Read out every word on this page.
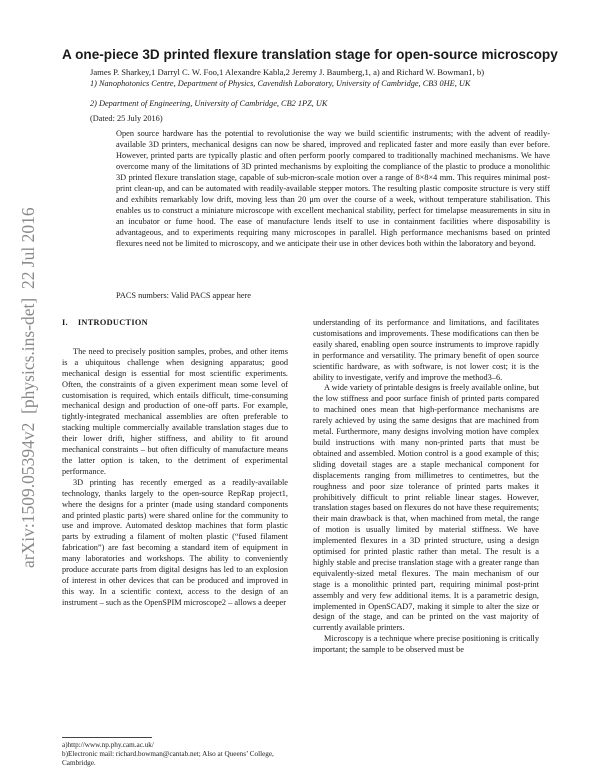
arXiv:1509.05394v2  [physics.ins-det]  22 Jul 2016
A one-piece 3D printed flexure translation stage for open-source microscopy
James P. Sharkey,1 Darryl C. W. Foo,1 Alexandre Kabla,2 Jeremy J. Baumberg,1, a) and Richard W. Bowman1, b)
1) Nanophotonics Centre, Department of Physics, Cavendish Laboratory, University of Cambridge, CB3 0HE, UK
2) Department of Engineering, University of Cambridge, CB2 1PZ, UK
(Dated: 25 July 2016)
Open source hardware has the potential to revolutionise the way we build scientific instruments; with the advent of readily-available 3D printers, mechanical designs can now be shared, improved and replicated faster and more easily than ever before. However, printed parts are typically plastic and often perform poorly compared to traditionally machined mechanisms. We have overcome many of the limitations of 3D printed mechanisms by exploiting the compliance of the plastic to produce a monolithic 3D printed flexure translation stage, capable of sub-micron-scale motion over a range of 8×8×4 mm. This requires minimal post-print clean-up, and can be automated with readily-available stepper motors. The resulting plastic composite structure is very stiff and exhibits remarkably low drift, moving less than 20 μm over the course of a week, without temperature stabilisation. This enables us to construct a miniature microscope with excellent mechanical stability, perfect for timelapse measurements in situ in an incubator or fume hood. The ease of manufacture lends itself to use in containment facilities where disposability is advantageous, and to experiments requiring many microscopes in parallel. High performance mechanisms based on printed flexures need not be limited to microscopy, and we anticipate their use in other devices both within the laboratory and beyond.
PACS numbers: Valid PACS appear here
I. INTRODUCTION

The need to precisely position samples, probes, and other items is a ubiquitous challenge when designing apparatus; good mechanical design is essential for most scientific experiments. Often, the constraints of a given experiment mean some level of customisation is required, which entails difficult, time-consuming mechanical design and production of one-off parts. For example, tightly-integrated mechanical assemblies are often preferable to stacking multiple commercially available translation stages due to their lower drift, higher stiffness, and ability to fit around mechanical constraints – but often difficulty of manufacture means the latter option is taken, to the detriment of experimental performance.

3D printing has recently emerged as a readily-available technology, thanks largely to the open-source RepRap project1, where the designs for a printer (made using standard components and printed plastic parts) were shared online for the community to use and improve. Automated desktop machines that form plastic parts by extruding a filament of molten plastic (“fused filament fabrication”) are fast becoming a standard item of equipment in many laboratories and workshops. The ability to conveniently produce accurate parts from digital designs has led to an explosion of interest in other devices that can be produced and improved in this way. In a scientific context, access to the design of an instrument – such as the OpenSPIM microscope2 – allows a deeper

understanding of its performance and limitations, and facilitates customisations and improvements. These modifications can then be easily shared, enabling open source instruments to improve rapidly in performance and versatility. The primary benefit of open source scientific hardware, as with software, is not lower cost; it is the ability to investigate, verify and improve the method3–6.

A wide variety of printable designs is freely available online, but the low stiffness and poor surface finish of printed parts compared to machined ones mean that high-performance mechanisms are rarely achieved by using the same designs that are machined from metal. Furthermore, many designs involving motion have complex build instructions with many non-printed parts that must be obtained and assembled. Motion control is a good example of this; sliding dovetail stages are a staple mechanical component for displacements ranging from millimetres to centimetres, but the roughness and poor size tolerance of printed parts makes it prohibitively difficult to print reliable linear stages. However, translation stages based on flexures do not have these requirements; their main drawback is that, when machined from metal, the range of motion is usually limited by material stiffness. We have implemented flexures in a 3D printed structure, using a design optimised for printed plastic rather than metal. The result is a highly stable and precise translation stage with a greater range than equivalently-sized metal flexures. The main mechanism of our stage is a monolithic printed part, requiring minimal post-print assembly and very few additional items. It is a parametric design, implemented in OpenSCAD7, making it simple to alter the size or design of the stage, and can be printed on the vast majority of currently available printers.

Microscopy is a technique where precise positioning is critically important; the sample to be observed must be

a)http://www.np.phy.cam.ac.uk/
b)Electronic mail: richard.bowman@cantab.net; Also at Queens’ College, Cambridge.
